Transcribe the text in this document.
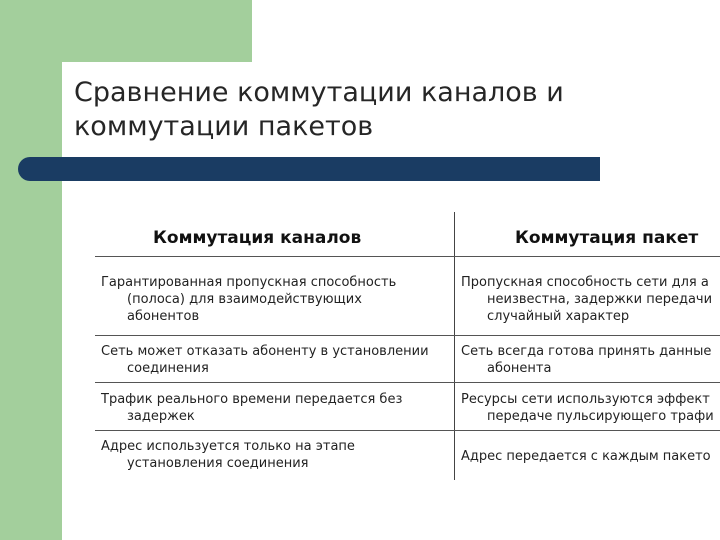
Сравнение коммутации каналов и
коммутации пакетов
Коммутация каналов	Коммутация пакет
Гарантированная пропускная способность
(полоса) для взаимодействующих
абонентов
Пропускная способность сети для а
неизвестна, задержки передачи
случайный характер
Сеть может отказать абоненту в установлении
соединения
Сеть всегда готова принять данные
абонента
Трафик реального времени передается без
задержек
Ресурсы сети используются эффект
передаче пульсирующего трафи
Адрес используется только на этапе
установления соединения	Адрес передается с каждым пакето
